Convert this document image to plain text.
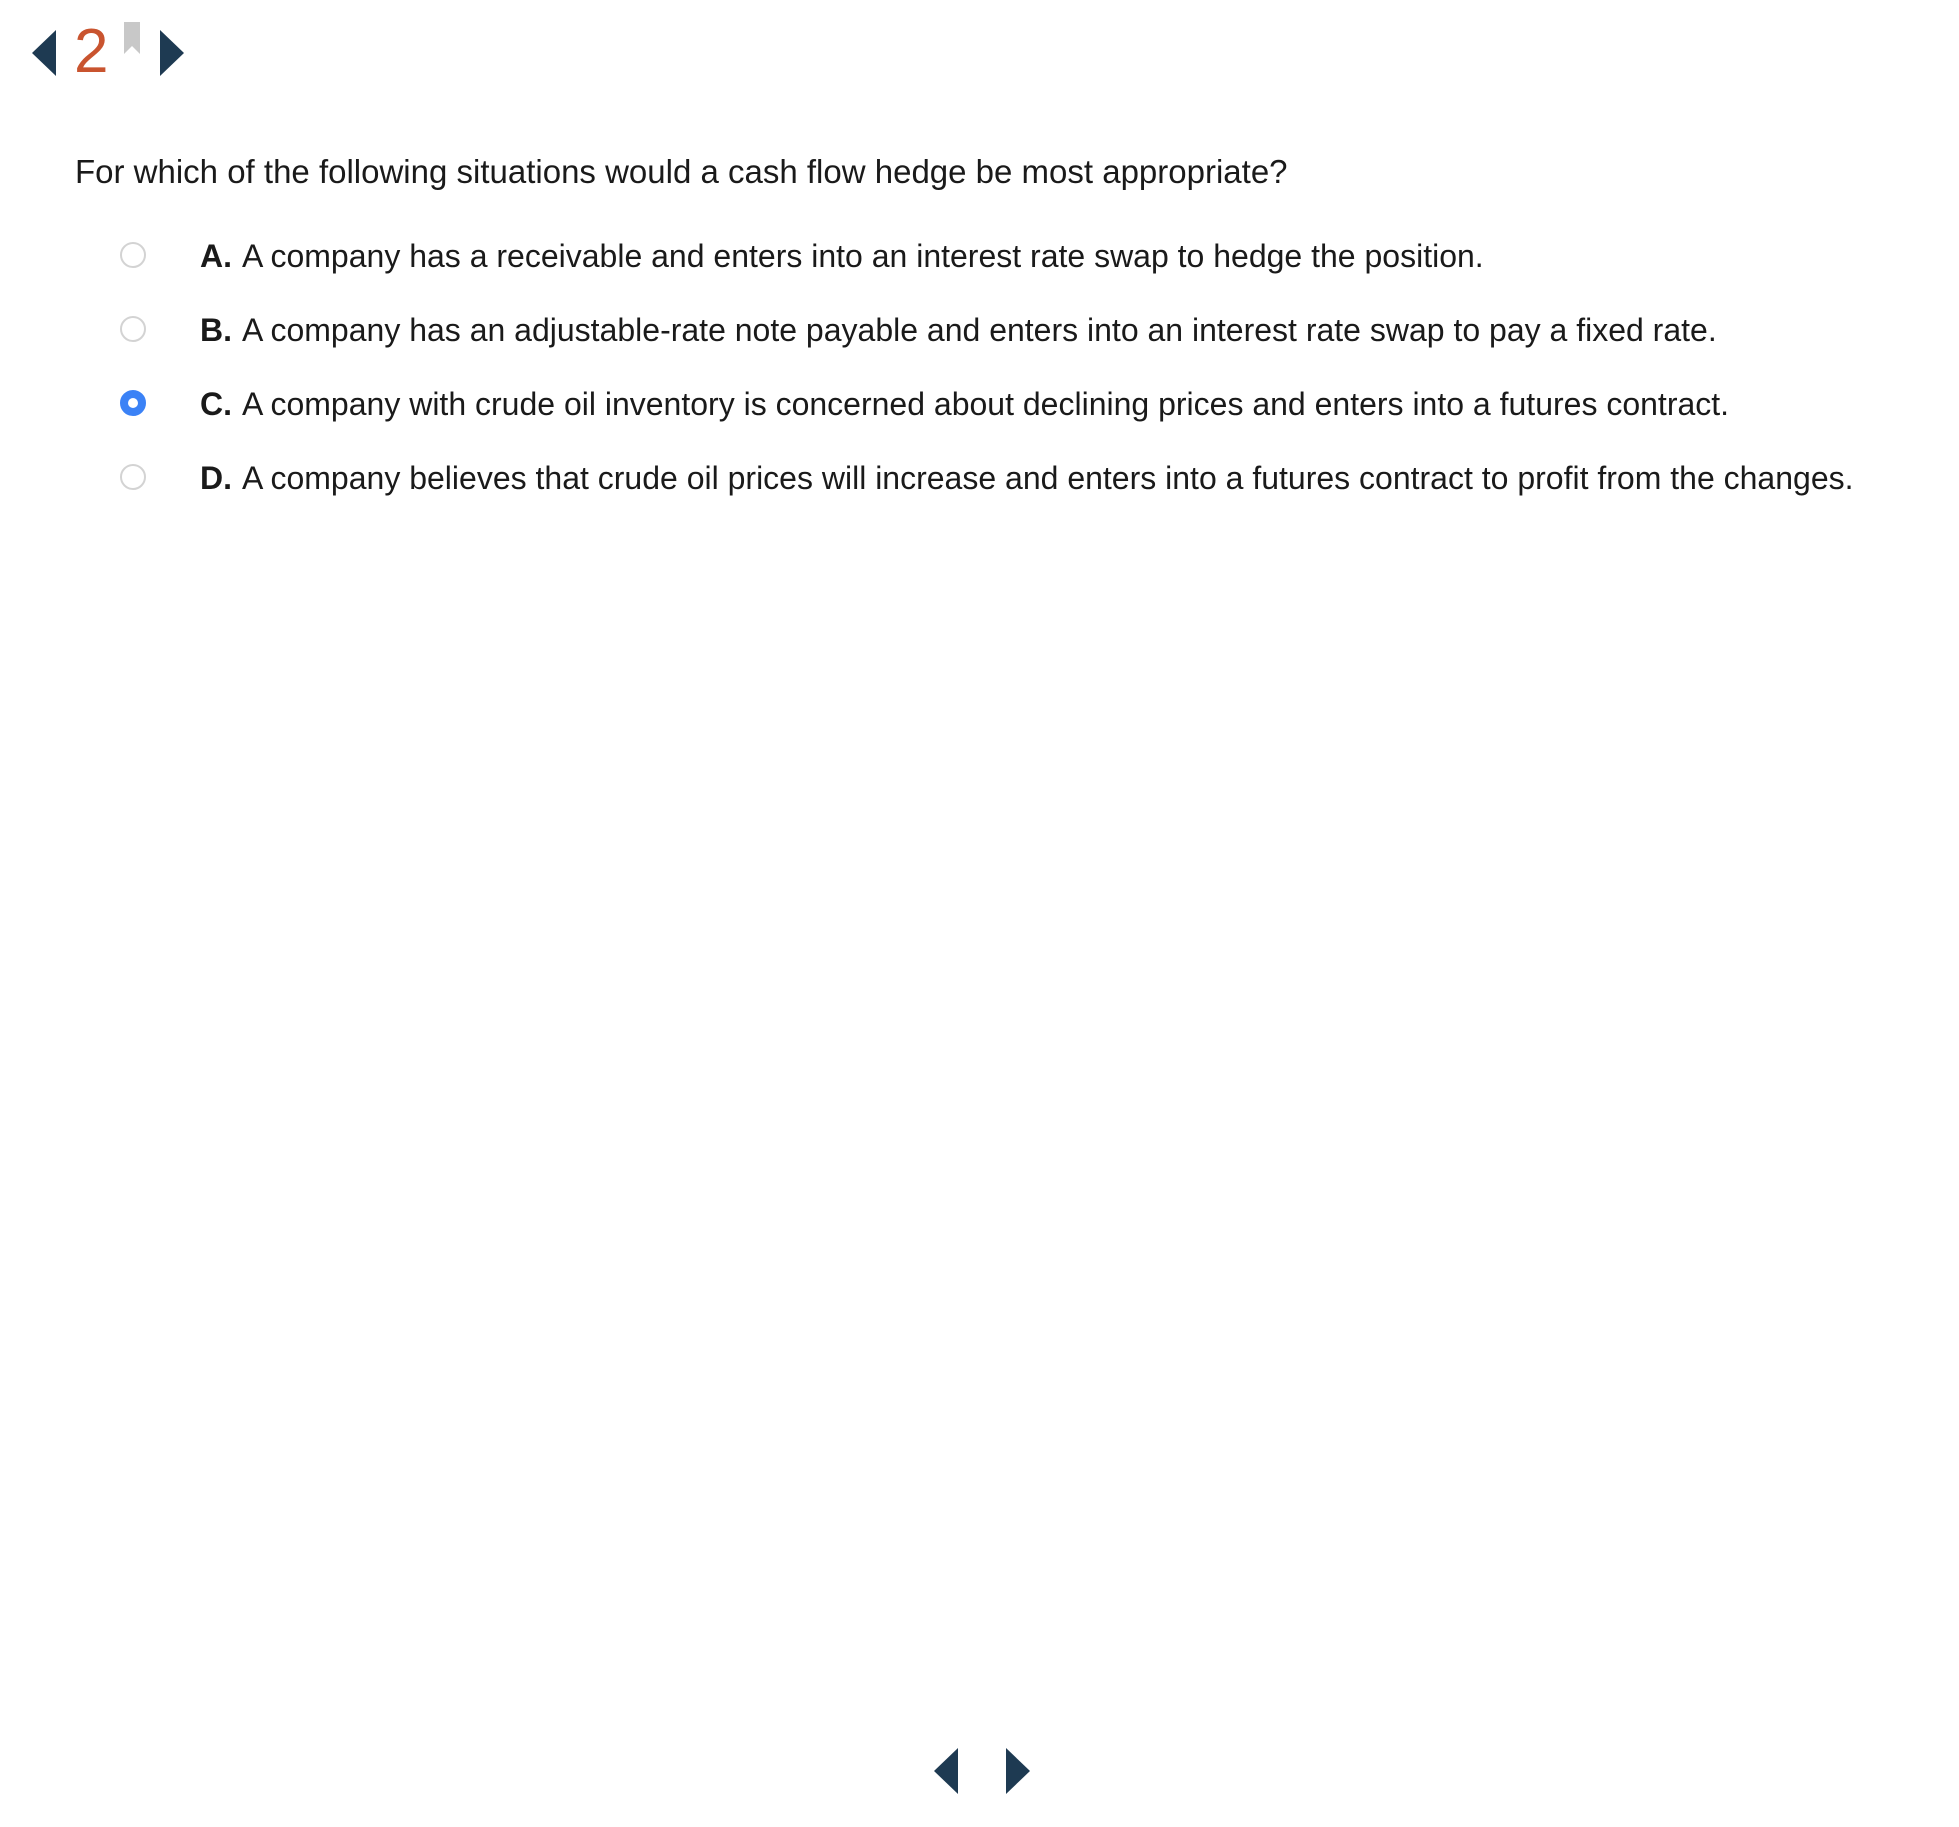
2
For which of the following situations would a cash flow hedge be most appropriate?
A. A company has a receivable and enters into an interest rate swap to hedge the position.
B. A company has an adjustable-rate note payable and enters into an interest rate swap to pay a fixed rate.
C. A company with crude oil inventory is concerned about declining prices and enters into a futures contract.
D. A company believes that crude oil prices will increase and enters into a futures contract to profit from the changes.
